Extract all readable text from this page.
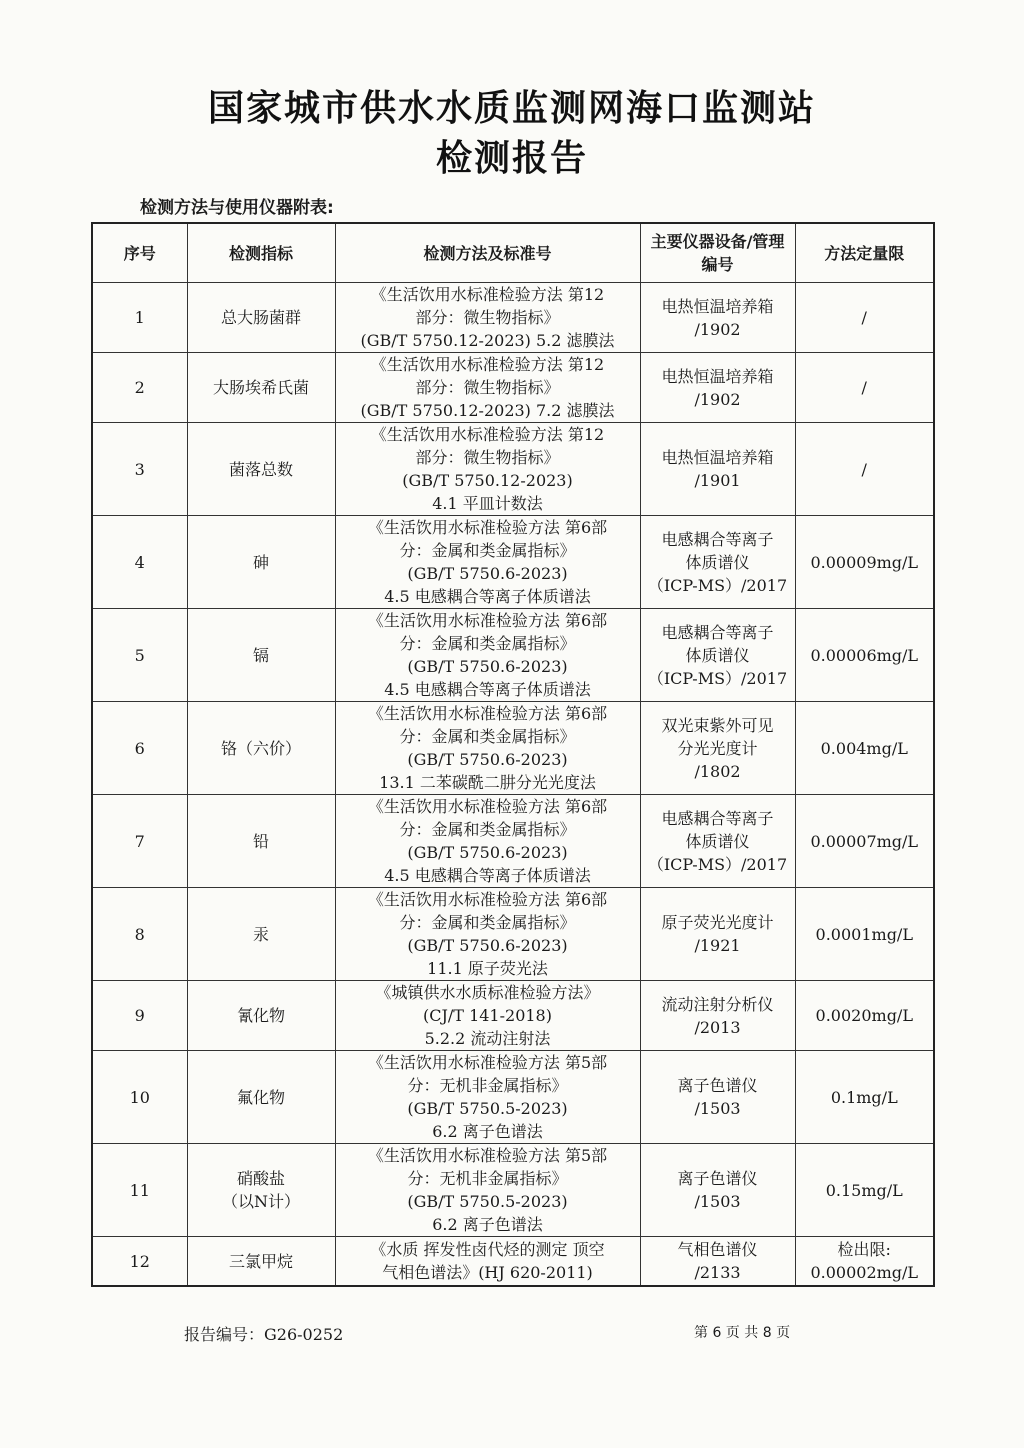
国家城市供水水质监测网海口监测站
检测报告
检测方法与使用仪器附表:
序号	检测指标	检测方法及标准号	主要仪器设备/管理编号	方法定量限
1	总大肠菌群	《生活饮用水标准检验方法 第12
部分：微生物指标》
(GB/T 5750.12-2023) 5.2 滤膜法	电热恒温培养箱
/1902	/

2	大肠埃希氏菌	《生活饮用水标准检验方法 第12
部分：微生物指标》
(GB/T 5750.12-2023) 7.2 滤膜法	电热恒温培养箱
/1902	/

3	菌落总数	《生活饮用水标准检验方法 第12
部分：微生物指标》
(GB/T 5750.12-2023)
4.1 平皿计数法	电热恒温培养箱
/1901	/

4	砷	《生活饮用水标准检验方法 第6部
分：金属和类金属指标》
(GB/T 5750.6-2023)
4.5 电感耦合等离子体质谱法	电感耦合等离子
体质谱仪
（ICP-MS）/2017	0.00009mg/L

5	镉	《生活饮用水标准检验方法 第6部
分：金属和类金属指标》
(GB/T 5750.6-2023)
4.5 电感耦合等离子体质谱法	电感耦合等离子
体质谱仪
（ICP-MS）/2017	0.00006mg/L

6	铬（六价）	《生活饮用水标准检验方法 第6部
分：金属和类金属指标》
(GB/T 5750.6-2023)
13.1 二苯碳酰二肼分光光度法	双光束紫外可见
分光光度计
/1802	0.004mg/L

7	铅	《生活饮用水标准检验方法 第6部
分：金属和类金属指标》
(GB/T 5750.6-2023)
4.5 电感耦合等离子体质谱法	电感耦合等离子
体质谱仪
（ICP-MS）/2017	0.00007mg/L

8	汞	《生活饮用水标准检验方法 第6部
分：金属和类金属指标》
(GB/T 5750.6-2023)
11.1 原子荧光法	原子荧光光度计
/1921	0.0001mg/L

9	氰化物	《城镇供水水质标准检验方法》
(CJ/T 141-2018)
5.2.2 流动注射法	流动注射分析仪
/2013	0.0020mg/L

10	氟化物	《生活饮用水标准检验方法 第5部
分：无机非金属指标》
(GB/T 5750.5-2023)
6.2 离子色谱法	离子色谱仪
/1503	0.1mg/L

11	硝酸盐
（以N计）	《生活饮用水标准检验方法 第5部
分：无机非金属指标》
(GB/T 5750.5-2023)
6.2 离子色谱法	离子色谱仪
/1503	0.15mg/L

12	三氯甲烷	《水质 挥发性卤代烃的测定 顶空
气相色谱法》(HJ 620-2011)	气相色谱仪
/2133	检出限:
0.00002mg/L
报告编号：G26-0252	第 6 页 共 8 页
